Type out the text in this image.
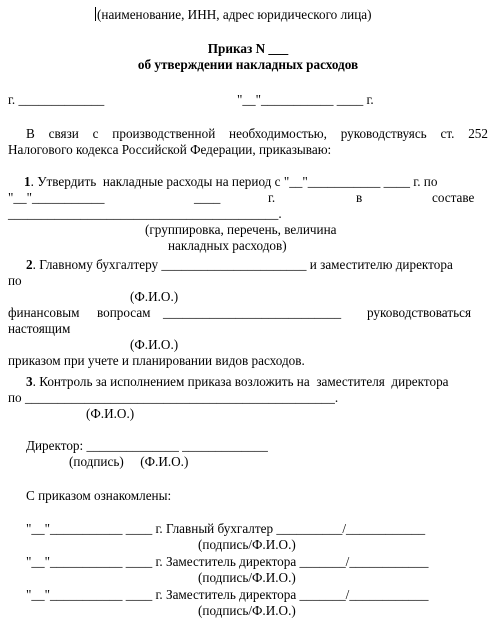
(наименование, ИНН, адрес юридического лица)
Приказ N ___
об утверждении накладных расходов
г. _____________	"__"___________ ____ г.
В связи с производственной необходимостью, руководствуясь ст. 252
Налогового кодекса Российской Федерации, приказываю:
1. Утвердить  накладные расходы на период с "__"___________ ____ г. по
"__"___________	____	г.	в	составе
_________________________________________.
(группировка, перечень, величина
накладных расходов)
2. Главному бухгалтеру ______________________ и заместителю директора
по
(Ф.И.О.)
финансовым вопросам ___________________________ руководствоваться
настоящим
(Ф.И.О.)
приказом при учете и планировании видов расходов.
3. Контроль за исполнением приказа возложить на  заместителя  директора
по _______________________________________________.
(Ф.И.О.)
Директор: ______________ _____________
(подпись)     (Ф.И.О.)
С приказом ознакомлены:
"__"___________ ____ г. Главный бухгалтер __________/____________
(подпись/Ф.И.О.)
"__"___________ ____ г. Заместитель директора _______/____________
(подпись/Ф.И.О.)
"__"___________ ____ г. Заместитель директора _______/____________
(подпись/Ф.И.О.)
